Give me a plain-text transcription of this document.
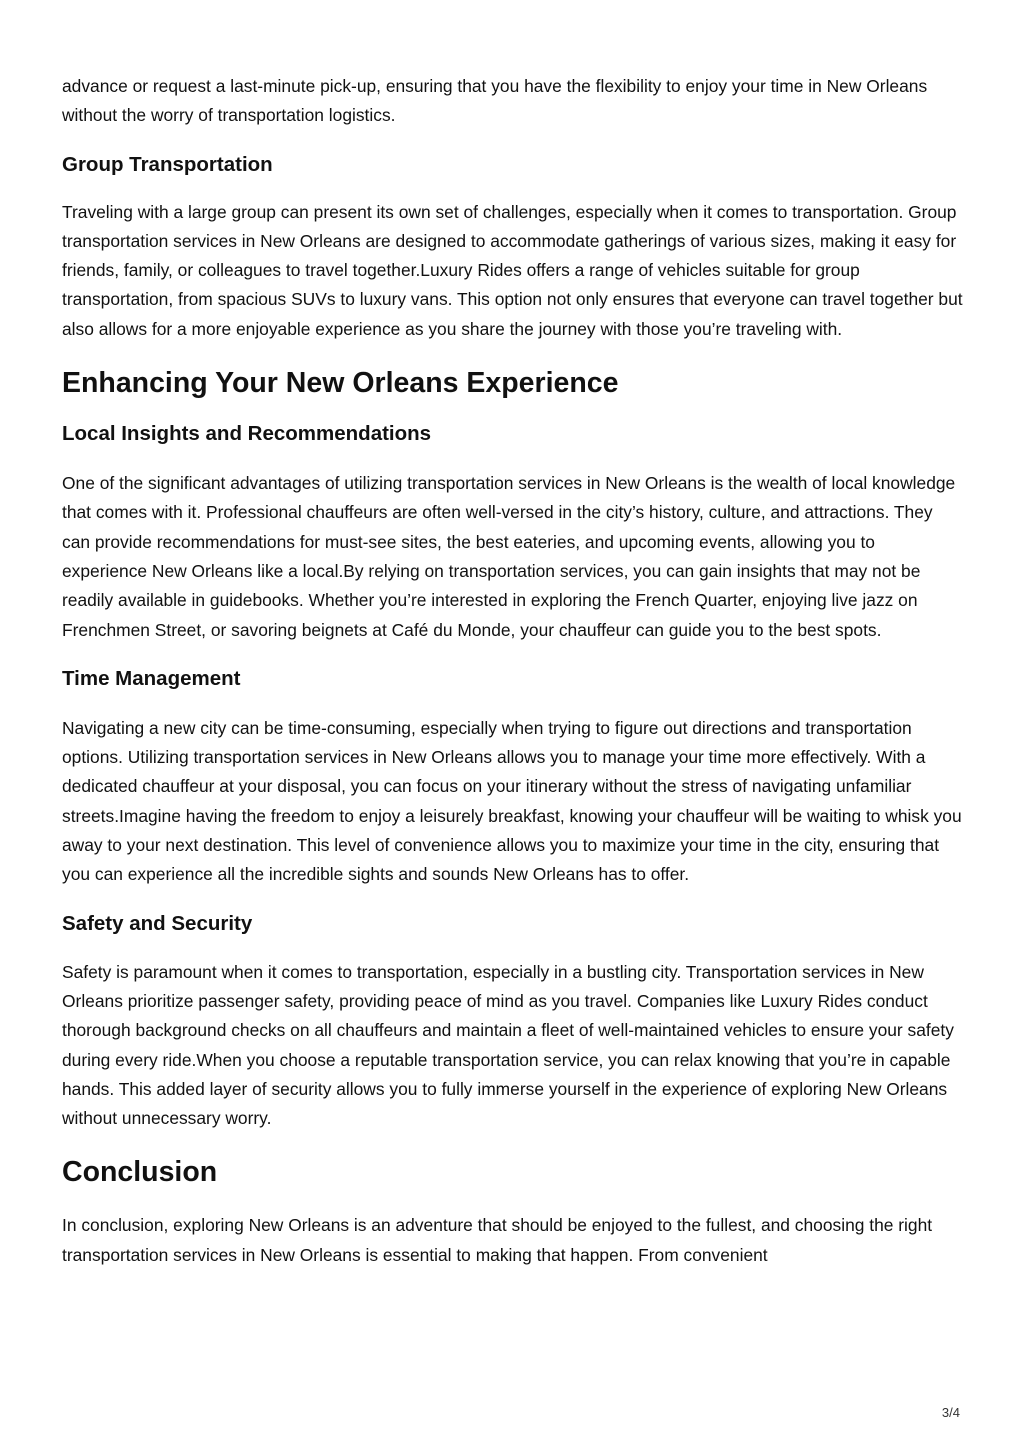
advance or request a last-minute pick-up, ensuring that you have the flexibility to enjoy your time in New Orleans without the worry of transportation logistics.

Group Transportation

Traveling with a large group can present its own set of challenges, especially when it comes to transportation. Group transportation services in New Orleans are designed to accommodate gatherings of various sizes, making it easy for friends, family, or colleagues to travel together.Luxury Rides offers a range of vehicles suitable for group transportation, from spacious SUVs to luxury vans. This option not only ensures that everyone can travel together but also allows for a more enjoyable experience as you share the journey with those you’re traveling with.

Enhancing Your New Orleans Experience
Local Insights and Recommendations

One of the significant advantages of utilizing transportation services in New Orleans is the wealth of local knowledge that comes with it. Professional chauffeurs are often well-versed in the city’s history, culture, and attractions. They can provide recommendations for must-see sites, the best eateries, and upcoming events, allowing you to experience New Orleans like a local.By relying on transportation services, you can gain insights that may not be readily available in guidebooks. Whether you’re interested in exploring the French Quarter, enjoying live jazz on Frenchmen Street, or savoring beignets at Café du Monde, your chauffeur can guide you to the best spots.

Time Management

Navigating a new city can be time-consuming, especially when trying to figure out directions and transportation options. Utilizing transportation services in New Orleans allows you to manage your time more effectively. With a dedicated chauffeur at your disposal, you can focus on your itinerary without the stress of navigating unfamiliar streets.Imagine having the freedom to enjoy a leisurely breakfast, knowing your chauffeur will be waiting to whisk you away to your next destination. This level of convenience allows you to maximize your time in the city, ensuring that you can experience all the incredible sights and sounds New Orleans has to offer.

Safety and Security

Safety is paramount when it comes to transportation, especially in a bustling city. Transportation services in New Orleans prioritize passenger safety, providing peace of mind as you travel. Companies like Luxury Rides conduct thorough background checks on all chauffeurs and maintain a fleet of well-maintained vehicles to ensure your safety during every ride.When you choose a reputable transportation service, you can relax knowing that you’re in capable hands. This added layer of security allows you to fully immerse yourself in the experience of exploring New Orleans without unnecessary worry.

Conclusion

In conclusion, exploring New Orleans is an adventure that should be enjoyed to the fullest, and choosing the right transportation services in New Orleans is essential to making that happen. From convenient

3/4
